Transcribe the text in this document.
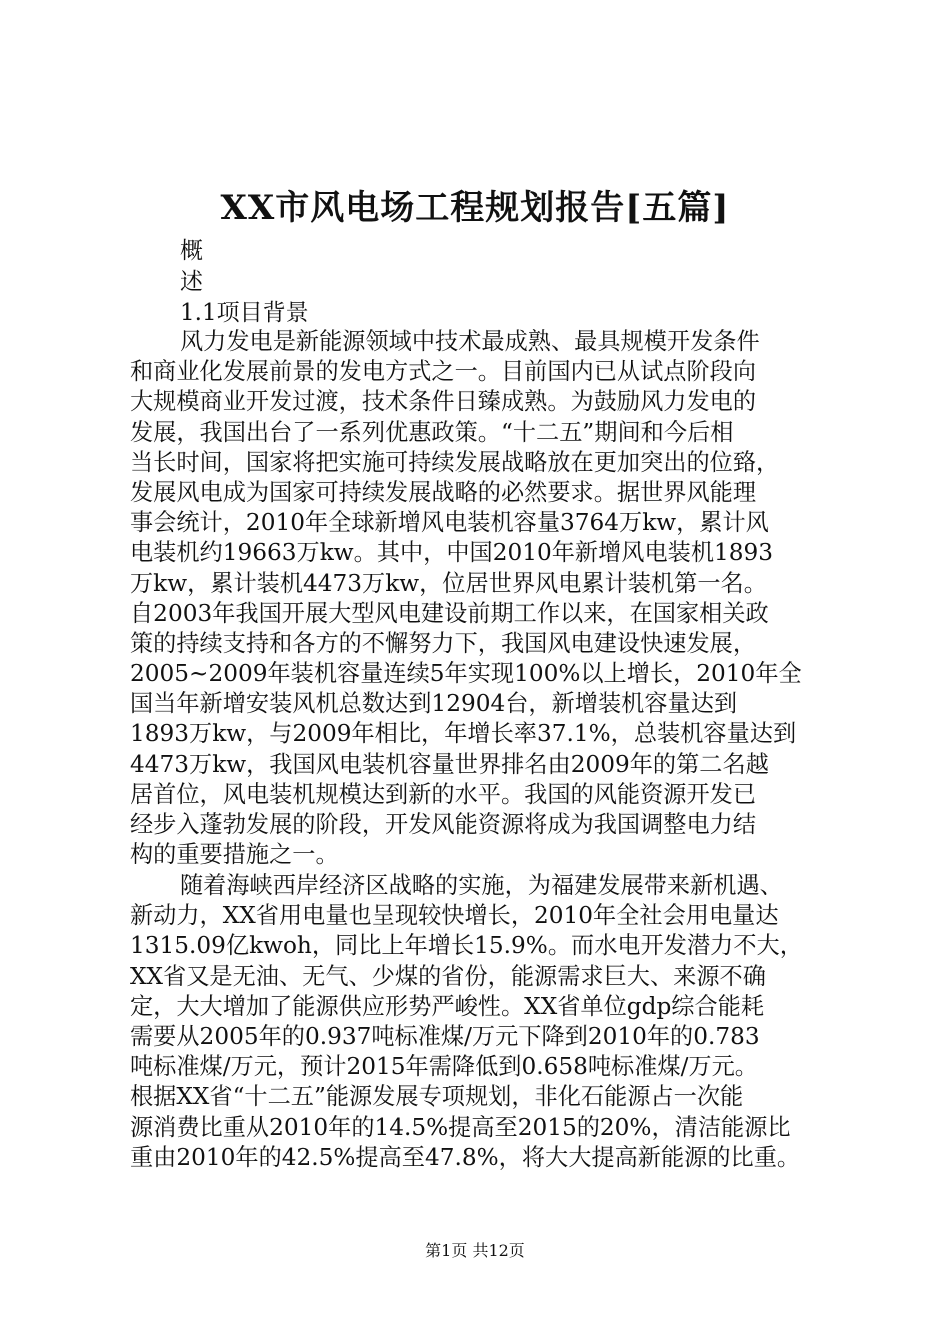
XX市风电场工程规划报告[五篇]
概
述
1.1项目背景
风力发电是新能源领域中技术最成熟、最具规模开发条件
和商业化发展前景的发电方式之一。目前国内已从试点阶段向
大规模商业开发过渡，技术条件日臻成熟。为鼓励风力发电的
发展，我国出台了一系列优惠政策。“十二五”期间和今后相
当长时间，国家将把实施可持续发展战略放在更加突出的位臵，
发展风电成为国家可持续发展战略的必然要求。据世界风能理
事会统计，2010年全球新增风电装机容量3764万kw，累计风
电装机约19663万kw。其中，中国2010年新增风电装机1893
万kw，累计装机4473万kw，位居世界风电累计装机第一名。
自2003年我国开展大型风电建设前期工作以来，在国家相关政
策的持续支持和各方的不懈努力下，我国风电建设快速发展，
2005~2009年装机容量连续5年实现100%以上增长，2010年全
国当年新增安装风机总数达到12904台，新增装机容量达到
1893万kw，与2009年相比，年增长率37.1%，总装机容量达到
4473万kw，我国风电装机容量世界排名由2009年的第二名越
居首位，风电装机规模达到新的水平。我国的风能资源开发已
经步入蓬勃发展的阶段，开发风能资源将成为我国调整电力结
构的重要措施之一。
随着海峡西岸经济区战略的实施，为福建发展带来新机遇、
新动力，XX省用电量也呈现较快增长，2010年全社会用电量达
1315.09亿kwoh，同比上年增长15.9%。而水电开发潜力不大，
XX省又是无油、无气、少煤的省份，能源需求巨大、来源不确
定，大大增加了能源供应形势严峻性。XX省单位gdp综合能耗
需要从2005年的0.937吨标准煤/万元下降到2010年的0.783
吨标准煤/万元，预计2015年需降低到0.658吨标准煤/万元。
根据XX省“十二五”能源发展专项规划，非化石能源占一次能
源消费比重从2010年的14.5%提高至2015的20%，清洁能源比
重由2010年的42.5%提高至47.8%，将大大提高新能源的比重。
第1页 共12页
